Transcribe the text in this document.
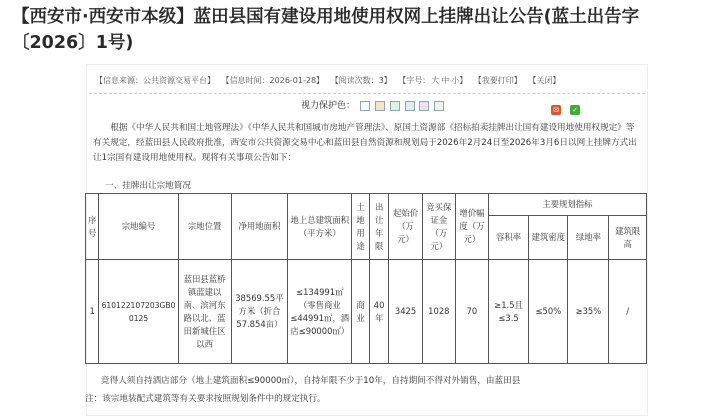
【西安市·西安市本级】蓝田县国有建设用地使用权网上挂牌出让公告(蓝土出告字〔2026〕1号)
【信息来源：公共资源交易平台】 【信息时间：2026-01-28】 【阅读次数：3】 【字号：大 中 小】 【我要打印】 【关闭】
视力保护色：	✉ ✓
根据《中华人民共和国土地管理法》《中华人民共和国城市房地产管理法》、原国土资源部《招标拍卖挂牌出让国有建设用地使用权规定》等有关规定，经蓝田县人民政府批准，西安市公共资源交易中心和蓝田县自然资源和规划局于2026年2月24日至2026年3月6日以网上挂牌方式出让1宗国有建设用地使用权。现将有关事项公告如下：
一、挂牌出让宗地简况
序号	宗地编号	宗地位置	净用地面积	地上总建筑面积（平方米）	土地用途	出让年限	起始价（万元）	竞买保证金（万元）	增价幅度（万元）	主要规划指标			
										容积率	建筑密度	绿地率	建筑限高
1	610122107203GB00125	蓝田县蓝桥镇蓝建以南、滨河东路以北、蓝田新城住区以西	38569.55平方米（折合57.854亩）	≤134991㎡（零售商业≤44991㎡，酒店≤90000㎡）	商业	40年	3425	1028	70	≥1.5且≤3.5	≤50%	≥35%	/
竞得人须自持酒店部分（地上建筑面积≤90000㎡），自持年限不少于10年，自持期间不得对外销售，由蓝田县
注：该宗地装配式建筑等有关要求按照规划条件中的规定执行。
